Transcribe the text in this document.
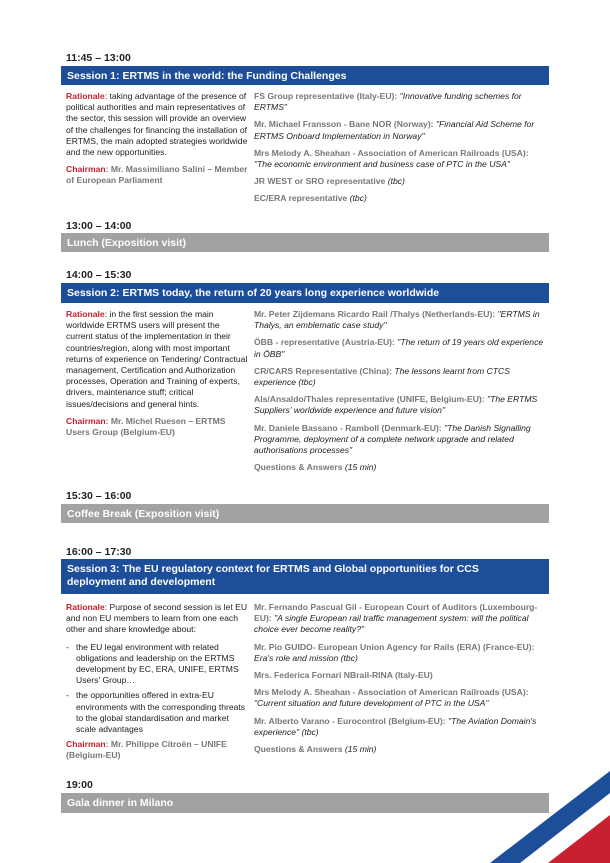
11:45 – 13:00
Session 1: ERTMS in the world: the Funding Challenges
Rationale: taking advantage of the presence of political authorities and main representatives of the sector, this session will provide an overview of the challenges for financing the installation of ERTMS, the main adopted strategies worldwide and the new opportunities.
Chairman: Mr. Massimiliano Salini – Member of European Parliament
FS Group representative (Italy-EU): "Innovative funding schemes for ERTMS"
Mr. Michael Fransson - Bane NOR (Norway): "Financial Aid Scheme for ERTMS Onboard Implementation in Norway"
Mrs Melody A. Sheahan - Association of American Railroads (USA): "The economic environment and business case of PTC in the USA"
JR WEST or SRO representative (tbc)
EC/ERA representative (tbc)
13:00 – 14:00
Lunch (Exposition visit)
14:00 – 15:30
Session 2: ERTMS today, the return of 20 years long experience worldwide
Rationale: in the first session the main worldwide ERTMS users will present the current status of the implementation in their countries/region, along with most important returns of experience on Tendering/ Contractual management, Certification and Authorization processes, Operation and Training of experts, drivers, maintenance stuff; critical issues/decisions and general hints.
Chairman: Mr. Michel Ruesen – ERTMS Users Group (Belgium-EU)
Mr. Peter Zijdemans Ricardo Rail /Thalys (Netherlands-EU): "ERTMS in Thalys, an emblematic case study"
ÖBB - representative (Austria-EU): "The return of 19 years old experience in ÖBB"
CR/CARS Representative (China): The lessons learnt from CTCS experience (tbc)
Als/Ansaldo/Thales representative (UNIFE, Belgium-EU): "The ERTMS Suppliers' worldwide experience and future vision"
Mr. Daniele Bassano - Ramboll (Denmark-EU): "The Danish Signalling Programme, deployment of a complete network upgrade and related authorisations processes"
Questions & Answers (15 min)
15:30 – 16:00
Coffee Break (Exposition visit)
16:00 – 17:30
Session 3: The EU regulatory context for ERTMS and Global opportunities for CCS
deployment and development
Rationale: Purpose of second session is let EU and non EU members to learn from one each other and share knowledge about:
- the EU legal environment with related obligations and leadership on the ERTMS development by EC, ERA, UNIFE, ERTMS Users' Group…
- the opportunities offered in extra-EU environments with the corresponding threats to the global standardisation and market scale advantages
Chairman: Mr. Philippe Citroën – UNIFE (Belgium-EU)
Mr. Fernando Pascual Gil - European Court of Auditors (Luxembourg-EU): "A single European rail traffic management system: will the political choice ever become reality?"
Mr. Pio GUIDO- European Union Agency for Rails (ERA) (France-EU): Era's role and mission (tbc)
Mrs. Federica Fornari NBrail-RINA (Italy-EU)
Mrs Melody A. Sheahan - Association of American Railroads (USA): "Current situation and future development of PTC in the USA"
Mr. Alberto Varano - Eurocontrol (Belgium-EU): "The Aviation Domain's experience" (tbc)
Questions & Answers (15 min)
19:00
Gala dinner in Milano
